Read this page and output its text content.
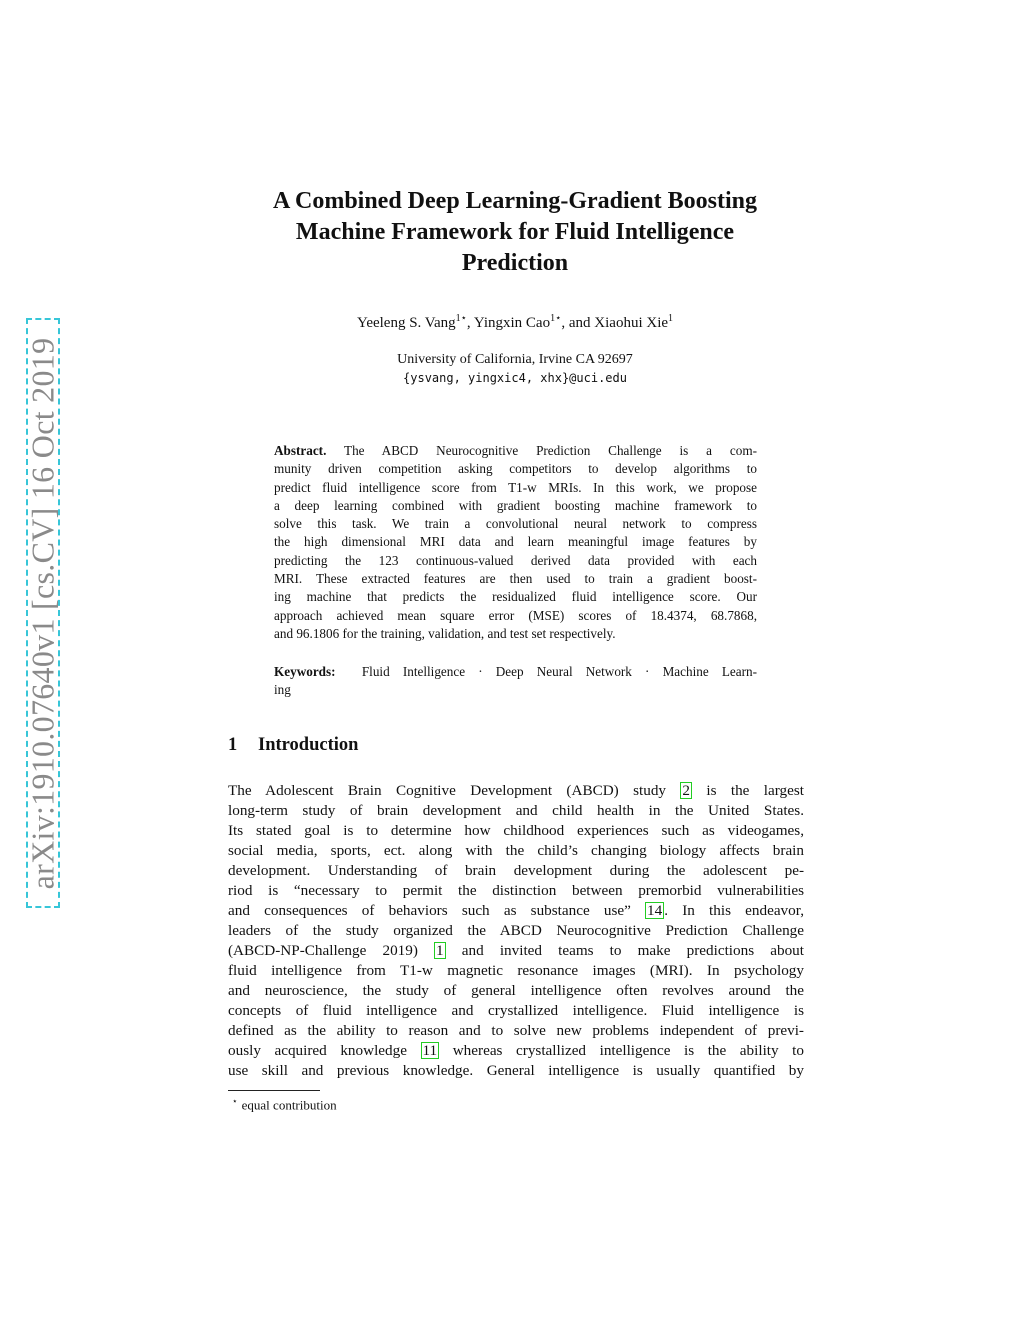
arXiv:1910.07640v1 [cs.CV] 16 Oct 2019
A Combined Deep Learning-Gradient Boosting
Machine Framework for Fluid Intelligence
Prediction
Yeeleng S. Vang$^{1⋆}$, Yingxin Cao$^{1⋆}$, and Xiaohui Xie$^1$
University of California, Irvine CA 92697
{ysvang, yingxic4, xhx}@uci.edu
Abstract. The ABCD Neurocognitive Prediction Challenge is a com-
munity driven competition asking competitors to develop algorithms to
predict fluid intelligence score from T1-w MRIs. In this work, we propose
a deep learning combined with gradient boosting machine framework to
solve this task. We train a convolutional neural network to compress
the high dimensional MRI data and learn meaningful image features by
predicting the 123 continuous-valued derived data provided with each
MRI. These extracted features are then used to train a gradient boost-
ing machine that predicts the residualized fluid intelligence score. Our
approach achieved mean square error (MSE) scores of 18.4374, 68.7868,
and 96.1806 for the training, validation, and test set respectively.
Keywords: Fluid Intelligence · Deep Neural Network · Machine Learn-
ing
1 Introduction
The Adolescent Brain Cognitive Development (ABCD) study 2 is the largest
long-term study of brain development and child health in the United States.
Its stated goal is to determine how childhood experiences such as videogames,
social media, sports, ect. along with the child’s changing biology affects brain
development. Understanding of brain development during the adolescent pe-
riod is “necessary to permit the distinction between premorbid vulnerabilities
and consequences of behaviors such as substance use” 14 . In this endeavor,
leaders of the study organized the ABCD Neurocognitive Prediction Challenge
(ABCD-NP-Challenge 2019) 1 and invited teams to make predictions about
fluid intelligence from T1-w magnetic resonance images (MRI). In psychology
and neuroscience, the study of general intelligence often revolves around the
concepts of fluid intelligence and crystallized intelligence. Fluid intelligence is
defined as the ability to reason and to solve new problems independent of previ-
ously acquired knowledge 11 whereas crystallized intelligence is the ability to
use skill and previous knowledge. General intelligence is usually quantified by
⋆ equal contribution
